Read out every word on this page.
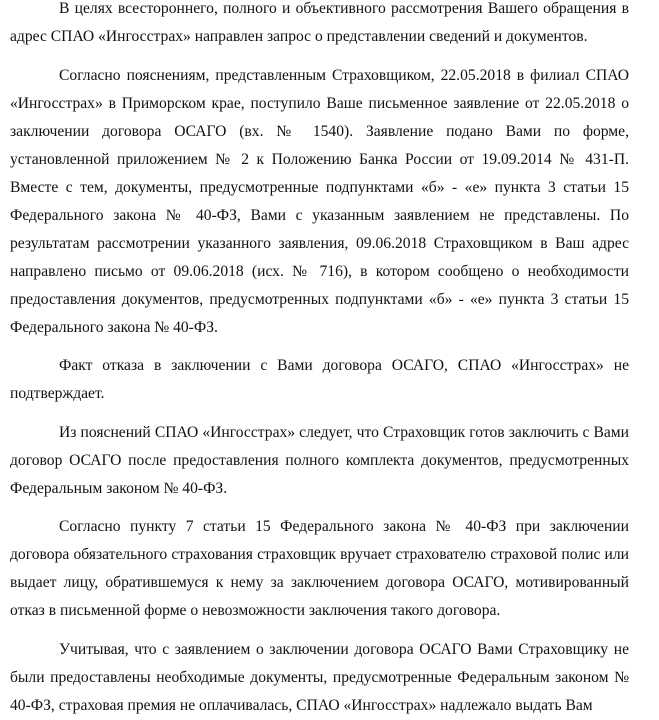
В целях всестороннего, полного и объективного рассмотрения Вашего обращения в адрес СПАО «Ингосстрах» направлен запрос о представлении сведений и документов.

Согласно пояснениям, представленным Страховщиком, 22.05.2018 в филиал СПАО «Ингосстрах» в Приморском крае, поступило Ваше письменное заявление от 22.05.2018 о заключении договора ОСАГО (вх. № 1540). Заявление подано Вами по форме, установленной приложением № 2 к Положению Банка России от 19.09.2014 № 431-П. Вместе с тем, документы, предусмотренные подпунктами «б» - «е» пункта 3 статьи 15 Федерального закона № 40-ФЗ, Вами с указанным заявлением не представлены. По результатам рассмотрении указанного заявления, 09.06.2018 Страховщиком в Ваш адрес направлено письмо от 09.06.2018 (исх. № 716), в котором сообщено о необходимости предоставления документов, предусмотренных подпунктами «б» - «е» пункта 3 статьи 15 Федерального закона № 40-ФЗ.

Факт отказа в заключении с Вами договора ОСАГО, СПАО «Ингосстрах» не подтверждает.

Из пояснений СПАО «Ингосстрах» следует, что Страховщик готов заключить с Вами договор ОСАГО после предоставления полного комплекта документов, предусмотренных Федеральным законом № 40-ФЗ.

Согласно пункту 7 статьи 15 Федерального закона № 40-ФЗ при заключении договора обязательного страхования страховщик вручает страхователю страховой полис или выдает лицу, обратившемуся к нему за заключением договора ОСАГО, мотивированный отказ в письменной форме о невозможности заключения такого договора.

Учитывая, что с заявлением о заключении договора ОСАГО Вами Страховщику не были предоставлены необходимые документы, предусмотренные Федеральным законом № 40-ФЗ, страховая премия не оплачивалась, СПАО «Ингосстрах» надлежало выдать Вам
